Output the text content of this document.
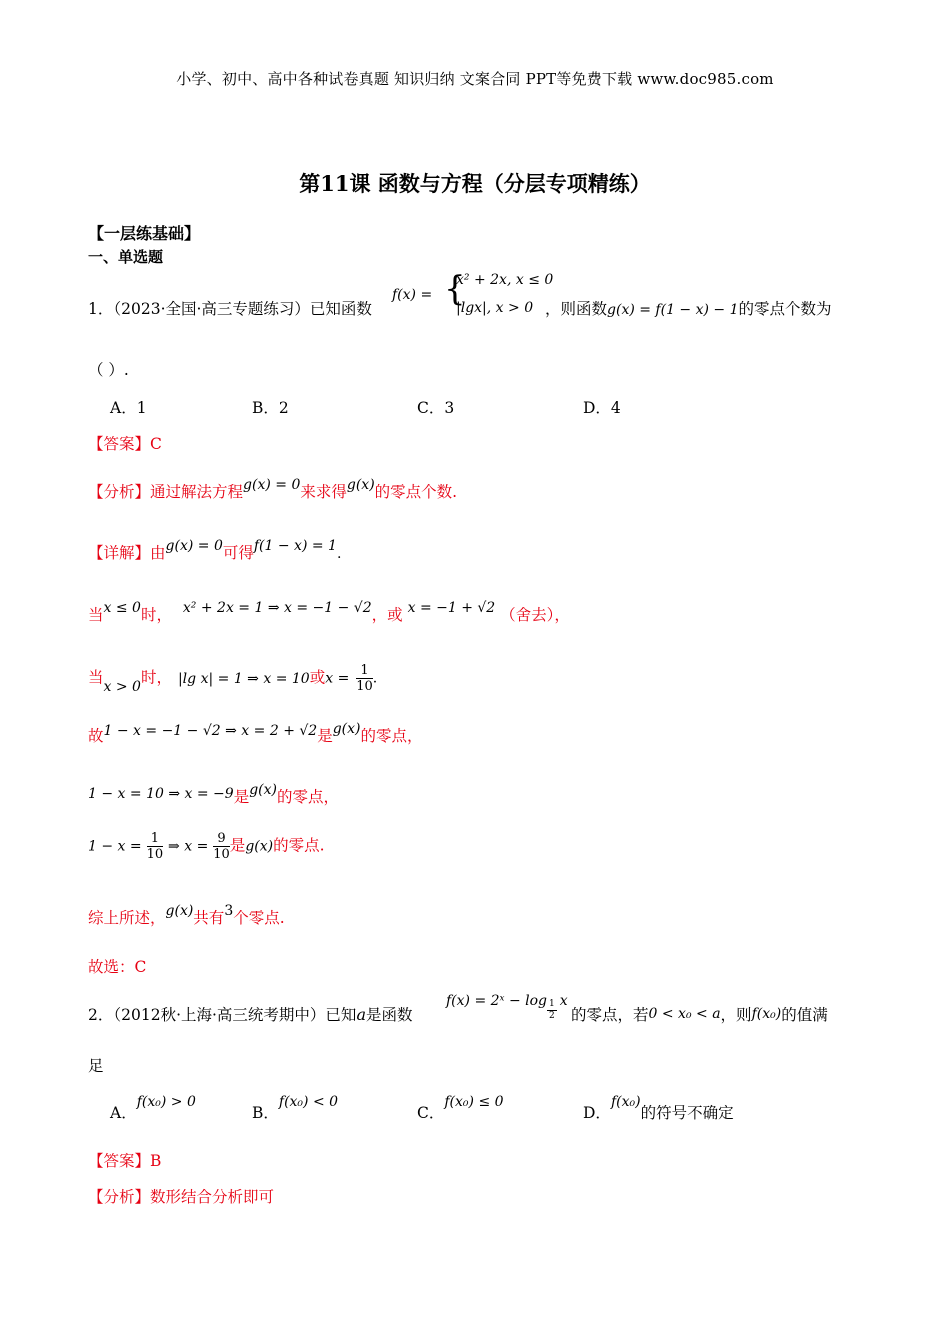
小学、初中、高中各种试卷真题 知识归纳 文案合同 PPT等免费下载 www.doc985.com
第11课 函数与方程（分层专项精练）
【一层练基础】
一、单选题
1．（2023·全国·高三专题练习）已知函数
f(x) = {
x² + 2x, x ≤ 0
|lgx|, x > 0 ，则函数g(x) = f(1 − x) − 1的零点个数为
（ ）.
A．1	B．2	C．3	D．4
【答案】C
【分析】通过解法方程g(x) = 0来求得g(x)的零点个数.
【详解】由g(x) = 0可得f(1 − x) = 1.
当x ≤ 0时， x² + 2x = 1 ⇒ x = −1 − √2，或 x = −1 + √2 （舍去），
当x > 0时， |lg x| = 1 ⇒ x = 10或$x = \frac{1}{10}$ .
故1 − x = −1 − √2 ⇒ x = 2 + √2是g(x)的零点，
1 − x = 10 ⇒ x = −9是g(x)的零点，
$1 - x = \frac{1}{10}$ ⇒ $x = \frac{9}{10}$ 是g(x)的零点.
综上所述，g(x)共有3个零点.
故选：C
2．（2012秋·上海·高三统考期中）已知a是函数
f(x) = 2ˣ − $\log \frac{1}{2}$ x
的零点，若0 < x₀ < a，则f(x₀)的值满
足
A．f(x₀) > 0
B．f(x₀) < 0
C．f(x₀) ≤ 0
D．f(x₀)的符号不确定
【答案】B
【分析】数形结合分析即可
